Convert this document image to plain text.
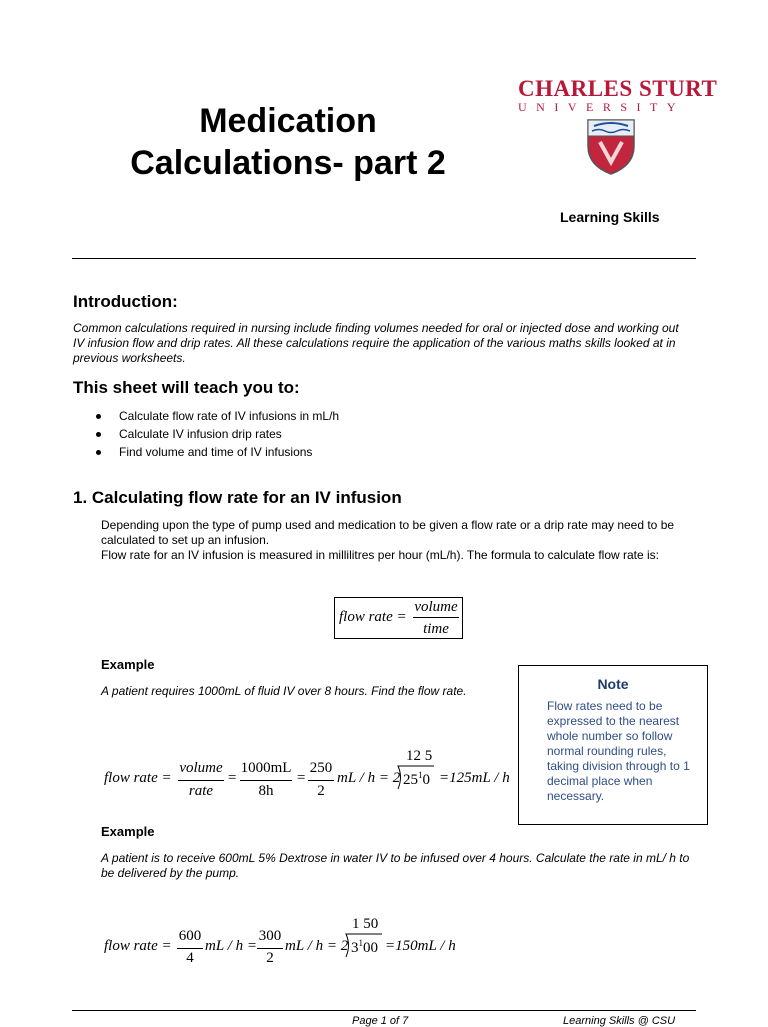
Medication
Calculations- part 2
CHARLES STURT
UNIVERSITY
Learning Skills
Introduction:
Common calculations required in nursing include finding volumes needed for oral or injected dose and working out IV infusion flow and drip rates. All these calculations require the application of the various maths skills looked at in previous worksheets.
This sheet will teach you to:
Calculate flow rate of IV infusions in mL/h
Calculate IV infusion drip rates
Find volume and time of IV infusions
1. Calculating flow rate for an IV infusion
Depending upon the type of pump used and medication to be given a flow rate or a drip rate may need to be calculated to set up an infusion.
Flow rate for an IV infusion is measured in millilitres per hour (mL/h). The formula to calculate flow rate is:
flow rate =
volume
time
Example
A patient requires 1000mL of fluid IV over 8 hours. Find the flow rate.
flow rate =
volume
rate
=
1000mL
8h
=
250
2
mL / h = 2
12 5
$25^10 =125mL / h$
Note
Flow rates need to be expressed to the nearest whole number so follow normal rounding rules, taking division through to 1 decimal place when necessary.
Example
A patient is to receive 600mL 5% Dextrose in water IV to be infused over 4 hours. Calculate the rate in mL/ h to be delivered by the pump.
flow rate =
600
4
mL / h =
300
2
mL / h = 2
1 50
$3^100 =150mL / h$
Page 1 of 7	Learning Skills @ CSU
